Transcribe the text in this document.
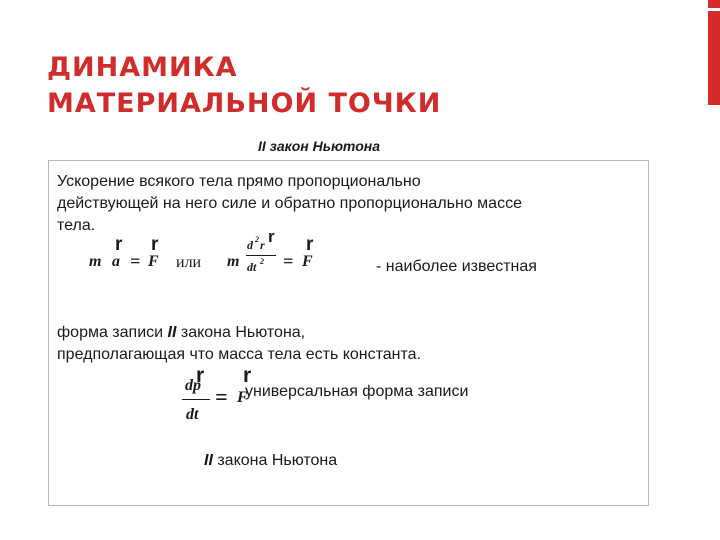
ДИНАМИКА
МАТЕРИАЛЬНОЙ ТОЧКИ

II закон Ньютона

Ускорение всякого тела прямо пропорционально

действующей на него силе и обратно пропорционально массе

тела.

r r
m a = F или m
d 2 r r
dt 2 = F
r

- наиболее известная

форма записи II закона Ньютона,

предполагающая что масса тела есть константа.

r
dp
dt
= F
r

универсальная форма записи

II закона Ньютона
